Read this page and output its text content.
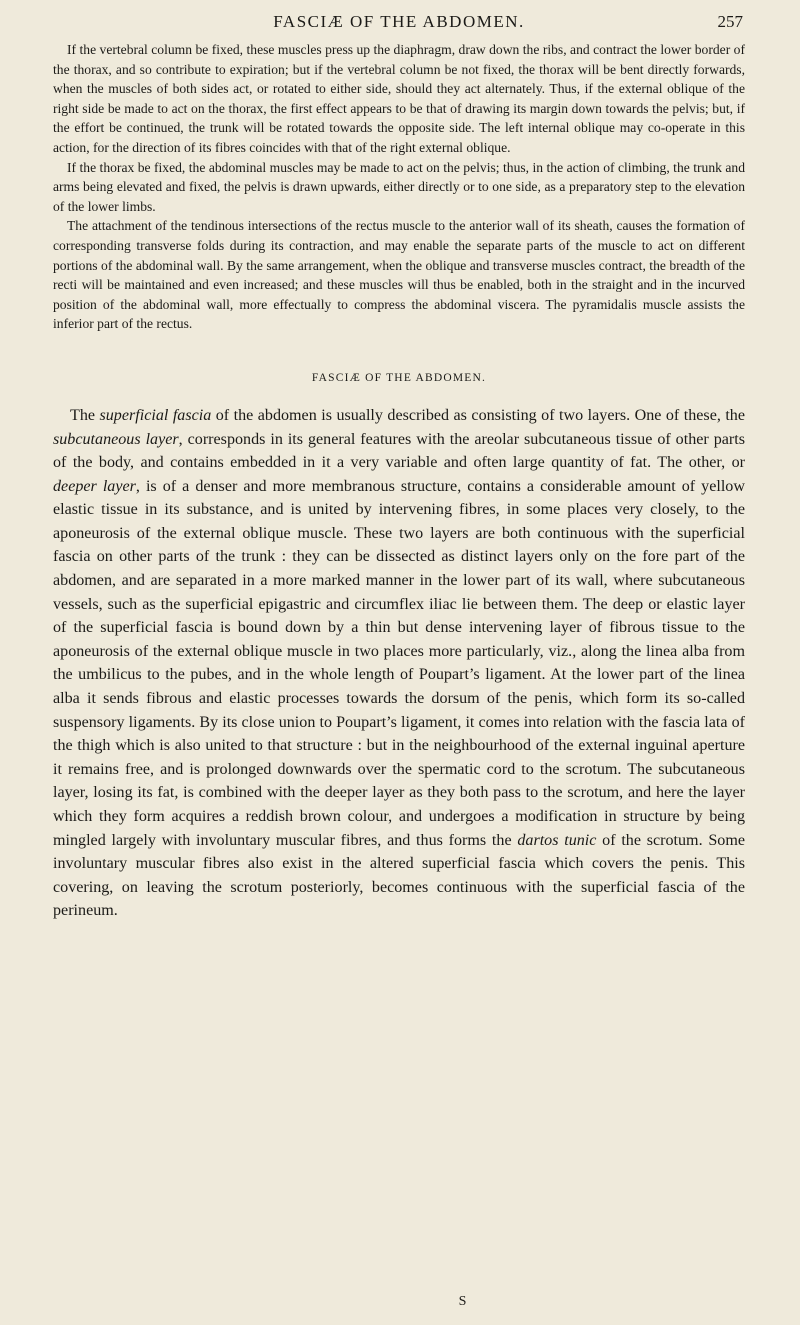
FASCIÆ OF THE ABDOMEN.	257

If the vertebral column be fixed, these muscles press up the diaphragm, draw down the ribs, and contract the lower border of the thorax, and so contribute to expiration; but if the vertebral column be not fixed, the thorax will be bent directly forwards, when the muscles of both sides act, or rotated to either side, should they act alternately. Thus, if the external oblique of the right side be made to act on the thorax, the first effect appears to be that of drawing its margin down towards the pelvis; but, if the effort be continued, the trunk will be rotated towards the opposite side. The left internal oblique may co-operate in this action, for the direction of its fibres coincides with that of the right external oblique.

If the thorax be fixed, the abdominal muscles may be made to act on the pelvis; thus, in the action of climbing, the trunk and arms being elevated and fixed, the pelvis is drawn upwards, either directly or to one side, as a preparatory step to the elevation of the lower limbs.

The attachment of the tendinous intersections of the rectus muscle to the anterior wall of its sheath, causes the formation of corresponding transverse folds during its contraction, and may enable the separate parts of the muscle to act on different portions of the abdominal wall. By the same arrangement, when the oblique and transverse muscles contract, the breadth of the recti will be maintained and even increased; and these muscles will thus be enabled, both in the straight and in the incurved position of the abdominal wall, more effectually to compress the abdominal viscera. The pyramidalis muscle assists the inferior part of the rectus.

FASCIÆ OF THE ABDOMEN.

The superficial fascia of the abdomen is usually described as consisting of two layers. One of these, the subcutaneous layer, corresponds in its general features with the areolar subcutaneous tissue of other parts of the body, and contains embedded in it a very variable and often large quantity of fat. The other, or deeper layer, is of a denser and more membranous structure, contains a considerable amount of yellow elastic tissue in its substance, and is united by intervening fibres, in some places very closely, to the aponeurosis of the external oblique muscle. These two layers are both continuous with the superficial fascia on other parts of the trunk : they can be dissected as distinct layers only on the fore part of the abdomen, and are separated in a more marked manner in the lower part of its wall, where subcutaneous vessels, such as the superficial epigastric and circumflex iliac lie between them. The deep or elastic layer of the superficial fascia is bound down by a thin but dense intervening layer of fibrous tissue to the aponeurosis of the external oblique muscle in two places more particularly, viz., along the linea alba from the umbilicus to the pubes, and in the whole length of Poupart’s ligament. At the lower part of the linea alba it sends fibrous and elastic processes towards the dorsum of the penis, which form its so-called suspensory ligaments. By its close union to Poupart’s ligament, it comes into relation with the fascia lata of the thigh which is also united to that structure : but in the neighbourhood of the external inguinal aperture it remains free, and is prolonged downwards over the spermatic cord to the scrotum. The subcutaneous layer, losing its fat, is combined with the deeper layer as they both pass to the scrotum, and here the layer which they form acquires a reddish brown colour, and undergoes a modification in structure by being mingled largely with involuntary muscular fibres, and thus forms the dartos tunic of the scrotum. Some involuntary muscular fibres also exist in the altered superficial fascia which covers the penis. This covering, on leaving the scrotum posteriorly, becomes continuous with the superficial fascia of the perineum.

S
